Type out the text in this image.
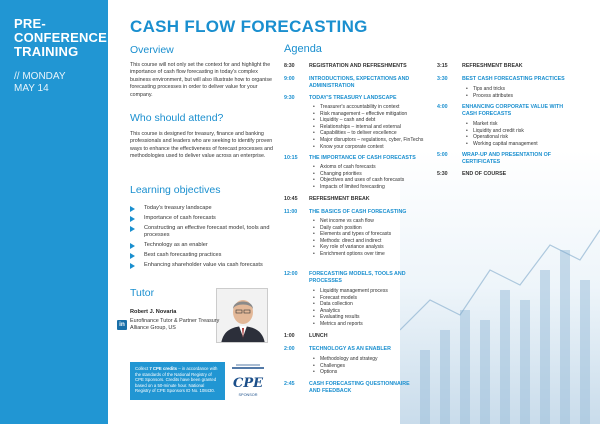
PRE-
CONFERENCE
TRAINING
// MONDAY
MAY 14
CASH FLOW FORECASTING
Overview
This course will not only set the context for and highlight the importance of cash flow forecasting in today's complex business environment, but will also illustrate how to organise forecasting processes in order to deliver value for your company.
Who should attend?
This course is designed for treasury, finance and banking professionals and leaders who are seeking to identify proven ways to enhance the effectiveness of forecast processes and methodologies used to deliver value across an enterprise.
Learning objectives
Today's treasury landscape
Importance of cash forecasts
Constructing an effective forecast model, tools and processes
Technology as an enabler
Best cash forecasting practices
Enhancing shareholder value via cash forecasts
Tutor
in
Robert J. Novaria
Euroﬁnance Tutor & Partner Treasury Alliance Group, US
Collect 7 CPE credits – in accordance with the standards of the National Registry of CPE Sponsors. Credits have been granted based on a 50-minute hour. National Registry of CPE Sponsors ID No. 108430.	CPE
SPONSOR
Agenda
8:30	REGISTRATION AND REFRESHMENTS
9:00	INTRODUCTIONS, EXPECTATIONS AND ADMINISTRATION
9:30	TODAY'S TREASURY LANDSCAPE
• Treasurer's accountability in context
• Risk management – effective mitigation
• Liquidity – cash and debt
• Relationships – internal and external
• Capabilities – to deliver excellence
• Major disruptors – regulations, cyber, FinTechs
• Know your corporate context
10:15	THE IMPORTANCE OF CASH FORECASTS
• Axioms of cash forecasts
• Changing priorities
• Objectives and uses of cash forecasts
• Impacts of limited forecasting
10:45	REFRESHMENT BREAK
11:00	THE BASICS OF CASH FORECASTING
• Net income vs cash flow
• Daily cash position
• Elements and types of forecasts
• Methods: direct and indirect
• Key role of variance analysis
• Enrichment options over time
12:00	FORECASTING MODELS, TOOLS AND PROCESSES
• Liquidity management process
• Forecast models
• Data collection
• Analytics
• Evaluating results
• Metrics and reports
1:00	LUNCH
2:00	TECHNOLOGY AS AN ENABLER
• Methodology and strategy
• Challenges
• Options
2:45	CASH FORECASTING QUESTIONNAIRE AND FEEDBACK
3:15	REFRESHMENT BREAK
3:30	BEST CASH FORECASTING PRACTICES
• Tips and tricks
• Process attributes
4:00	ENHANCING CORPORATE VALUE WITH CASH FORECASTS
• Market risk
• Liquidity and credit risk
• Operational risk
• Working capital management
5:00	WRAP-UP AND PRESENTATION OF CERTIFICATES
5:30	END OF COURSE
